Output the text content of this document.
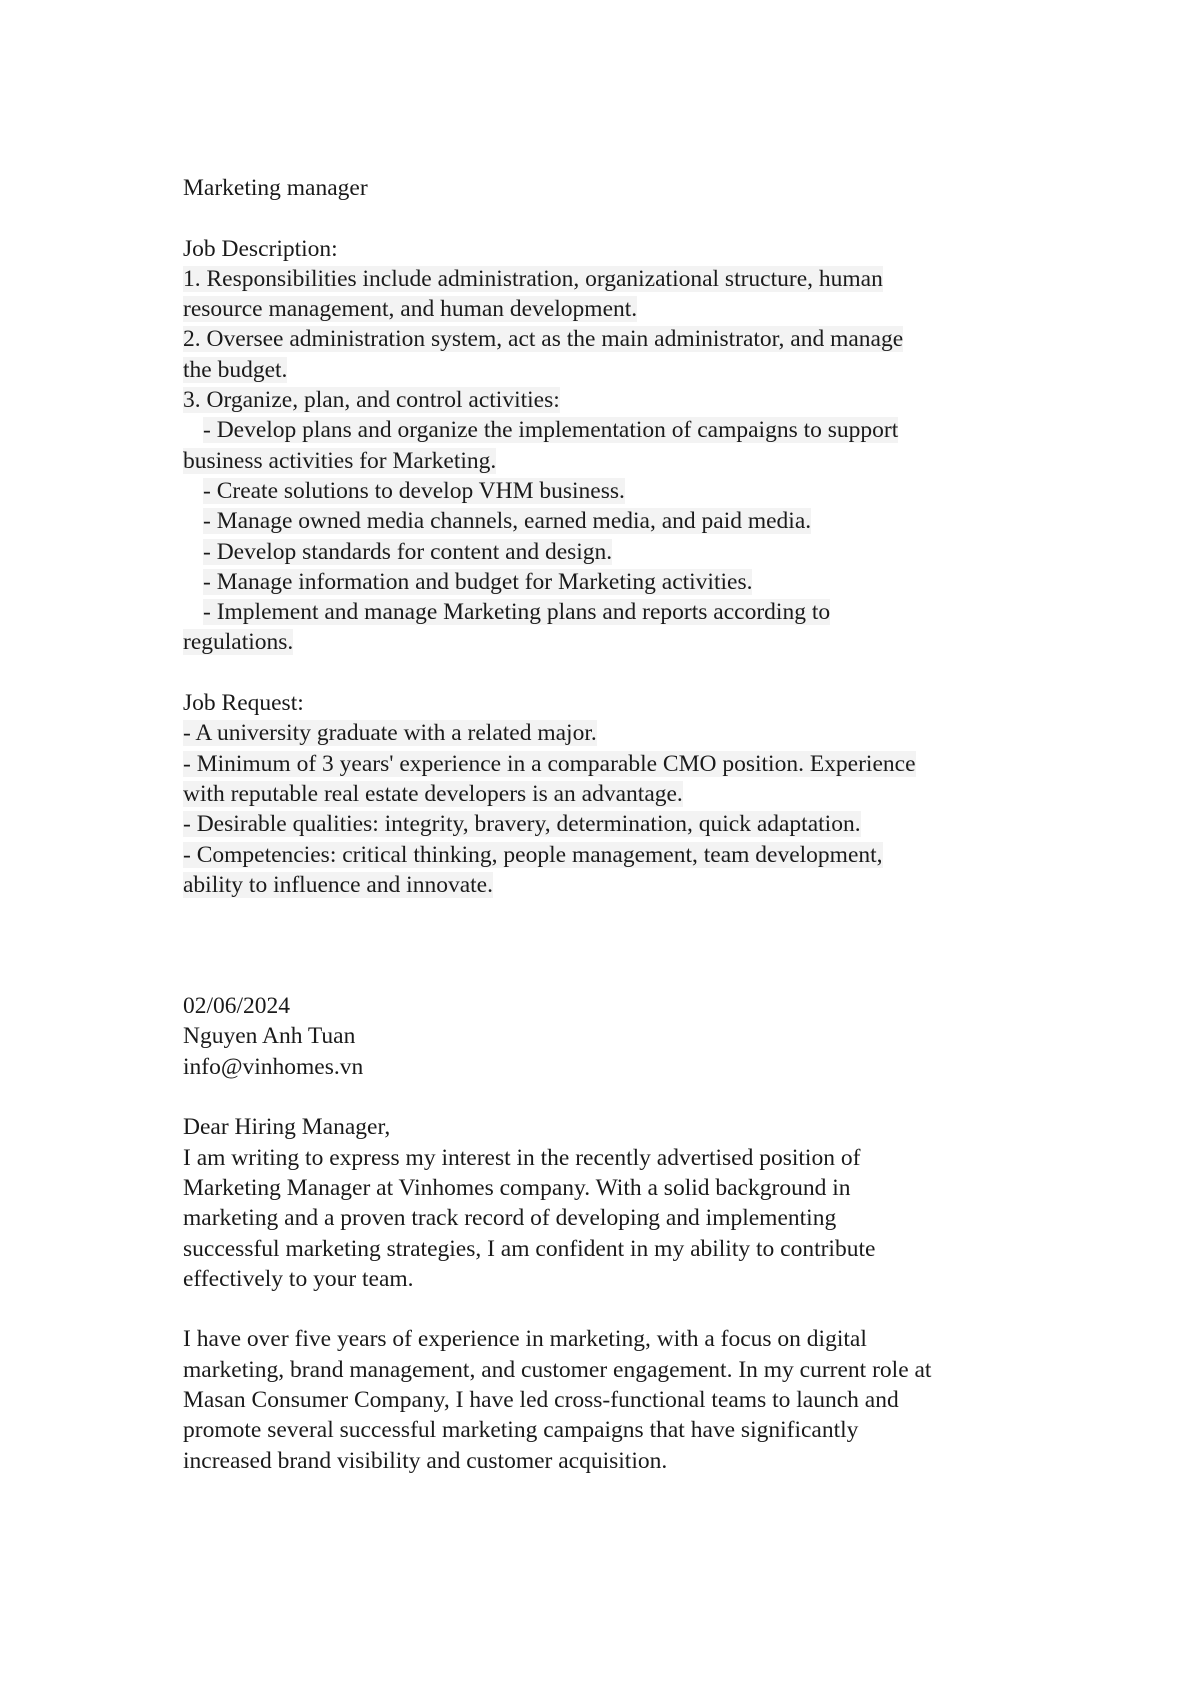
Marketing manager
Job Description:
1. Responsibilities include administration, organizational structure, human
resource management, and human development.
2. Oversee administration system, act as the main administrator, and manage
the budget.
3. Organize, plan, and control activities:
- Develop plans and organize the implementation of campaigns to support
business activities for Marketing.
- Create solutions to develop VHM business.
- Manage owned media channels, earned media, and paid media.
- Develop standards for content and design.
- Manage information and budget for Marketing activities.
- Implement and manage Marketing plans and reports according to
regulations.
Job Request:
- A university graduate with a related major.
- Minimum of 3 years' experience in a comparable CMO position. Experience
with reputable real estate developers is an advantage.
- Desirable qualities: integrity, bravery, determination, quick adaptation.
- Competencies: critical thinking, people management, team development,
ability to influence and innovate.
02/06/2024
Nguyen Anh Tuan
info@vinhomes.vn
Dear Hiring Manager,
I am writing to express my interest in the recently advertised position of
Marketing Manager at Vinhomes company. With a solid background in
marketing and a proven track record of developing and implementing
successful marketing strategies, I am confident in my ability to contribute
effectively to your team.
I have over five years of experience in marketing, with a focus on digital
marketing, brand management, and customer engagement. In my current role at
Masan Consumer Company, I have led cross-functional teams to launch and
promote several successful marketing campaigns that have significantly
increased brand visibility and customer acquisition.
